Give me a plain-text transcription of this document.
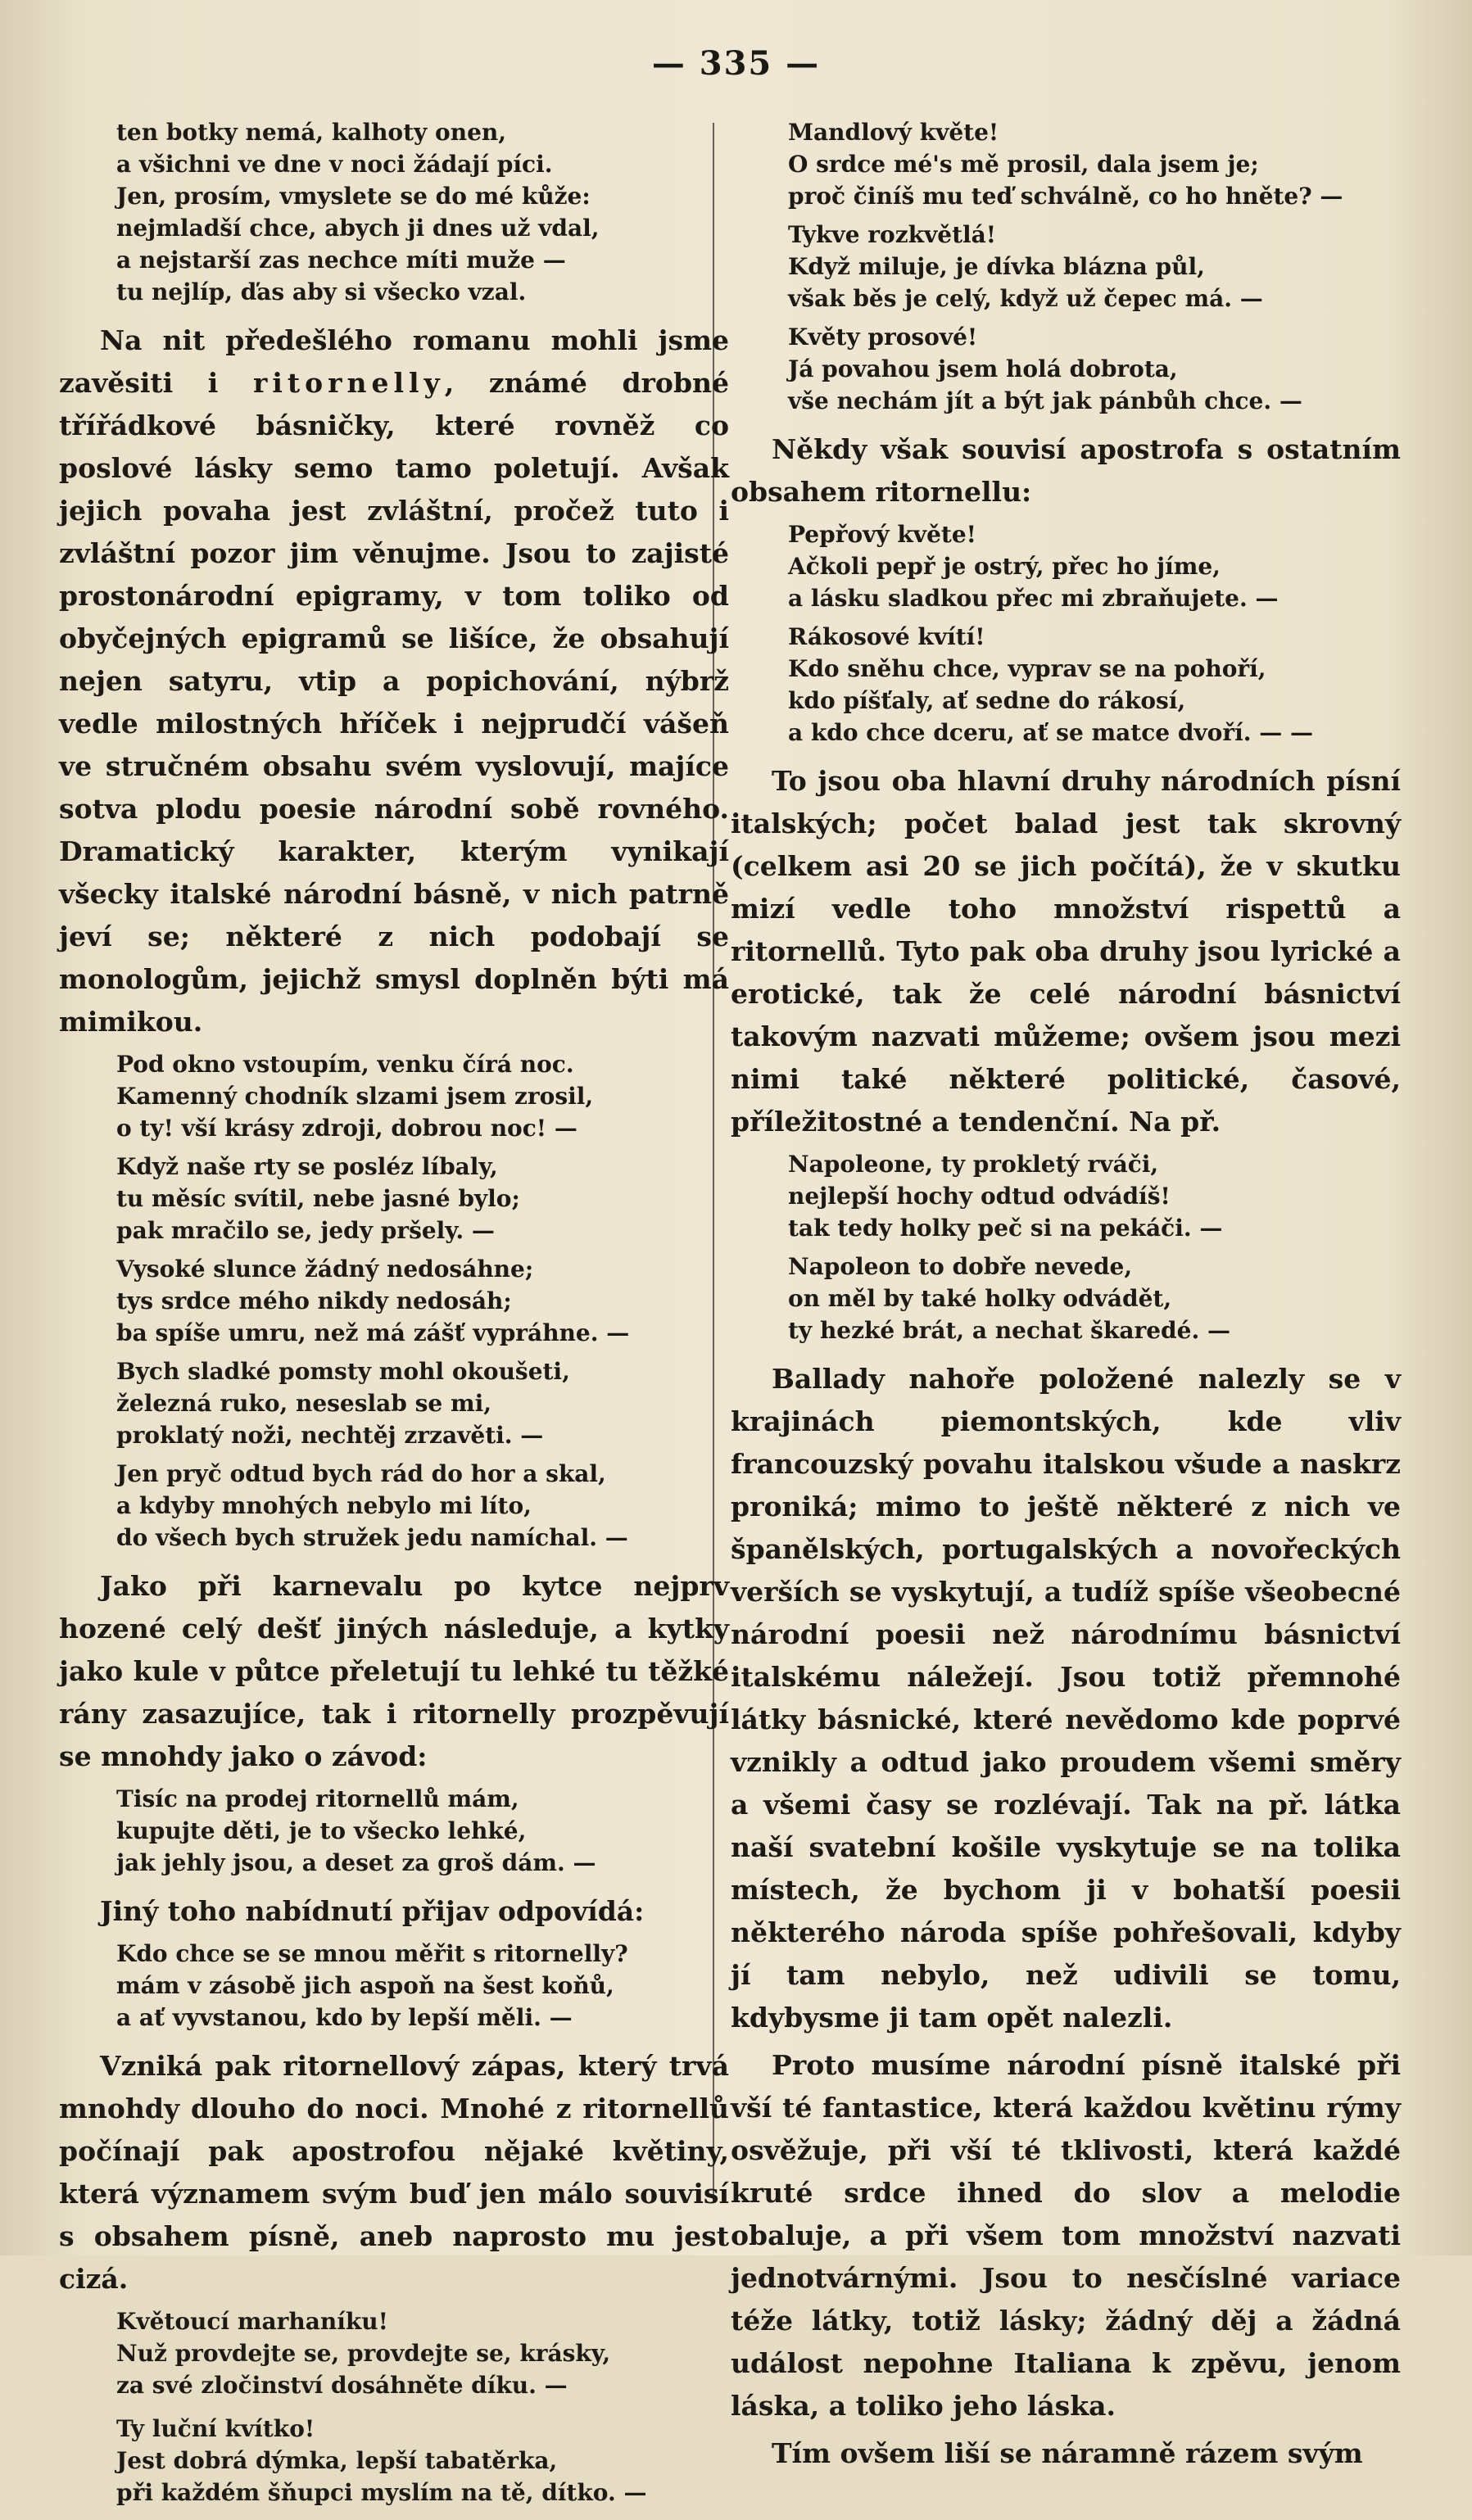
— 335 —
ten botky nemá, kalhoty onen,
a všichni ve dne v noci žádají píci.
Jen, prosím, vmyslete se do mé kůže:
nejmladší chce, abych ji dnes už vdal,
a nejstarší zas nechce míti muže —
tu nejlíp, ďas aby si všecko vzal.

Na nit předešlého romanu mohli jsme zavěsiti i ritornelly, známé drobné třířádkové básničky, které rovněž co poslové lásky semo tamo poletují. Avšak jejich povaha jest zvláštní, pročež tuto i zvláštní pozor jim věnujme. Jsou to zajisté prostonárodní epigramy, v tom toliko od obyčejných epigramů se lišíce, že obsahují nejen satyru, vtip a popichování, nýbrž vedle milostných hříček i nejprudčí vášeň ve stručném obsahu svém vyslovují, majíce sotva plodu poesie národní sobě rovného. Dramatický karakter, kterým vynikají všecky italské národní básně, v nich patrně jeví se; některé z nich podobají se monologům, jejichž smysl doplněn býti má mimikou.

Pod okno vstoupím, venku čírá noc.
Kamenný chodník slzami jsem zrosil,
o ty! vší krásy zdroji, dobrou noc! —
Když naše rty se posléz líbaly,
tu měsíc svítil, nebe jasné bylo;
pak mračilo se, jedy pršely. —
Vysoké slunce žádný nedosáhne;
tys srdce mého nikdy nedosáh;
ba spíše umru, než má zášť vypráhne. —
Bych sladké pomsty mohl okoušeti,
železná ruko, neseslab se mi,
proklatý noži, nechtěj zrzavěti. —
Jen pryč odtud bych rád do hor a skal,
a kdyby mnohých nebylo mi líto,
do všech bych stružek jedu namíchal. —

Jako při karnevalu po kytce nejprv hozené celý dešť jiných následuje, a kytky jako kule v půtce přeletují tu lehké tu těžké rány zasazujíce, tak i ritornelly prozpěvují se mnohdy jako o závod:

Tisíc na prodej ritornellů mám,
kupujte děti, je to všecko lehké,
jak jehly jsou, a deset za groš dám. —

Jiný toho nabídnutí přijav odpovídá:

Kdo chce se se mnou měřit s ritornelly?
mám v zásobě jich aspoň na šest koňů,
a ať vyvstanou, kdo by lepší měli. —

Vzniká pak ritornellový zápas, který trvá mnohdy dlouho do noci. Mnohé z ritornellů počínají pak apostrofou nějaké květiny, která významem svým buď jen málo souvisí s obsahem písně, aneb naprosto mu jest cizá.

Květoucí marhaníku!
Nuž provdejte se, provdejte se, krásky,
za své zločinství dosáhněte díku. —
Ty luční kvítko!
Jest dobrá dýmka, lepší tabatěrka,
při každém šňupci myslím na tě, dítko. —
Mandlový květe!
O srdce mé's mě prosil, dala jsem je;
proč činíš mu teď schválně, co ho hněte? —
Tykve rozkvětlá!
Když miluje, je dívka blázna půl,
však běs je celý, když už čepec má. —
Květy prosové!
Já povahou jsem holá dobrota,
vše nechám jít a být jak pánbůh chce. —

Někdy však souvisí apostrofa s ostatním obsahem ritornellu:

Pepřový květe!
Ačkoli pepř je ostrý, přec ho jíme,
a lásku sladkou přec mi zbraňujete. —
Rákosové kvítí!
Kdo sněhu chce, vyprav se na pohoří,
kdo píšťaly, ať sedne do rákosí,
a kdo chce dceru, ať se matce dvoří. — —

To jsou oba hlavní druhy národních písní italských; počet balad jest tak skrovný (celkem asi 20 se jich počítá), že v skutku mizí vedle toho množství rispettů a ritornellů. Tyto pak oba druhy jsou lyrické a erotické, tak že celé národní básnictví takovým nazvati můžeme; ovšem jsou mezi nimi také některé politické, časové, příležitostné a tendenční. Na př.

Napoleone, ty prokletý rváči,
nejlepší hochy odtud odvádíš!
tak tedy holky peč si na pekáči. —
Napoleon to dobře nevede,
on měl by také holky odvádět,
ty hezké brát, a nechat škaredé. —

Ballady nahoře položené nalezly se v krajinách piemontských, kde vliv francouzský povahu italskou všude a naskrz proniká; mimo to ještě některé z nich ve španělských, portugalských a novořeckých verších se vyskytují, a tudíž spíše všeobecné národní poesii než národnímu básnictví italskému náležejí. Jsou totiž přemnohé látky básnické, které nevědomo kde poprvé vznikly a odtud jako proudem všemi směry a všemi časy se rozlévají. Tak na př. látka naší svatební košile vyskytuje se na tolika místech, že bychom ji v bohatší poesii některého národa spíše pohřešovali, kdyby jí tam nebylo, než udivili se tomu, kdybysme ji tam opět nalezli.

Proto musíme národní písně italské při vší té fantastice, která každou květinu rýmy osvěžuje, při vší té tklivosti, která každé kruté srdce ihned do slov a melodie obaluje, a při všem tom množství nazvati jednotvárnými. Jsou to nesčíslné variace téže látky, totiž lásky; žádný děj a žádná událost nepohne Italiana k zpěvu, jenom láska, a toliko jeho láska.

Tím ovšem liší se náramně rázem svým
